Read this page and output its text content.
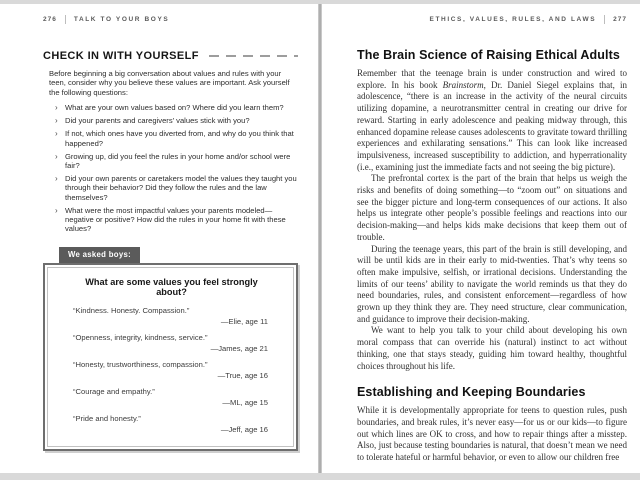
276	TALK TO YOUR BOYS
CHECK IN WITH YOURSELF

Before beginning a big conversation about values and rules with your teen, consider why you believe these values are important. Ask yourself the following questions:

› What are your own values based on? Where did you learn them?
› Did your parents and caregivers’ values stick with you?
› If not, which ones have you diverted from, and why do you think that happened?
› Growing up, did you feel the rules in your home and/or school were fair?
› Did your own parents or caretakers model the values they taught you through their behavior? Did they follow the rules and the law themselves?
› What were the most impactful values your parents modeled—negative or positive? How did the rules in your home fit with these values?
We asked boys:
What are some values you feel strongly about?
“Kindness. Honesty. Compassion.”
—Elie, age 11
“Openness, integrity, kindness, service.”
—James, age 21
“Honesty, trustworthiness, compassion.”
—True, age 16
“Courage and empathy.”
—ML, age 15
“Pride and honesty.”
—Jeff, age 16
ETHICS, VALUES, RULES, AND LAWS	277
The Brain Science of Raising Ethical Adults

Remember that the teenage brain is under construction and wired to explore. In his book Brainstorm, Dr. Daniel Siegel explains that, in adolescence, “there is an increase in the activity of the neural circuits utilizing dopamine, a neurotransmitter central in creating our drive for reward. Starting in early adolescence and peaking midway through, this enhanced dopamine release causes adolescents to gravitate toward thrilling experiences and exhilarating sensations.” This can look like increased impulsiveness, increased susceptibility to addiction, and hyperrationality (i.e., examining just the immediate facts and not seeing the big picture).

The prefrontal cortex is the part of the brain that helps us weigh the risks and benefits of doing something—to “zoom out” on situations and see the bigger picture and long-term consequences of our actions. It also helps us integrate other people’s possible feelings and reactions into our decision-making—and helps kids make decisions that keep them out of trouble.

During the teenage years, this part of the brain is still developing, and will be until kids are in their early to mid-twenties. That’s why teens so often make impulsive, selfish, or irrational decisions. Understanding the limits of our teens’ ability to navigate the world reminds us that they do need boundaries, rules, and consistent enforcement—regardless of how grown up they think they are. They need structure, clear communication, and guidance to improve their decision-making.

We want to help you talk to your child about developing his own moral compass that can override his (natural) instinct to act without thinking, one that stays steady, guiding him toward healthy, thoughtful choices throughout his life.

Establishing and Keeping Boundaries

While it is developmentally appropriate for teens to question rules, push boundaries, and break rules, it’s never easy—for us or our kids—to figure out which lines are OK to cross, and how to repair things after a misstep. Also, just because testing boundaries is natural, that doesn’t mean we need to tolerate hateful or harmful behavior, or even to allow our children free
